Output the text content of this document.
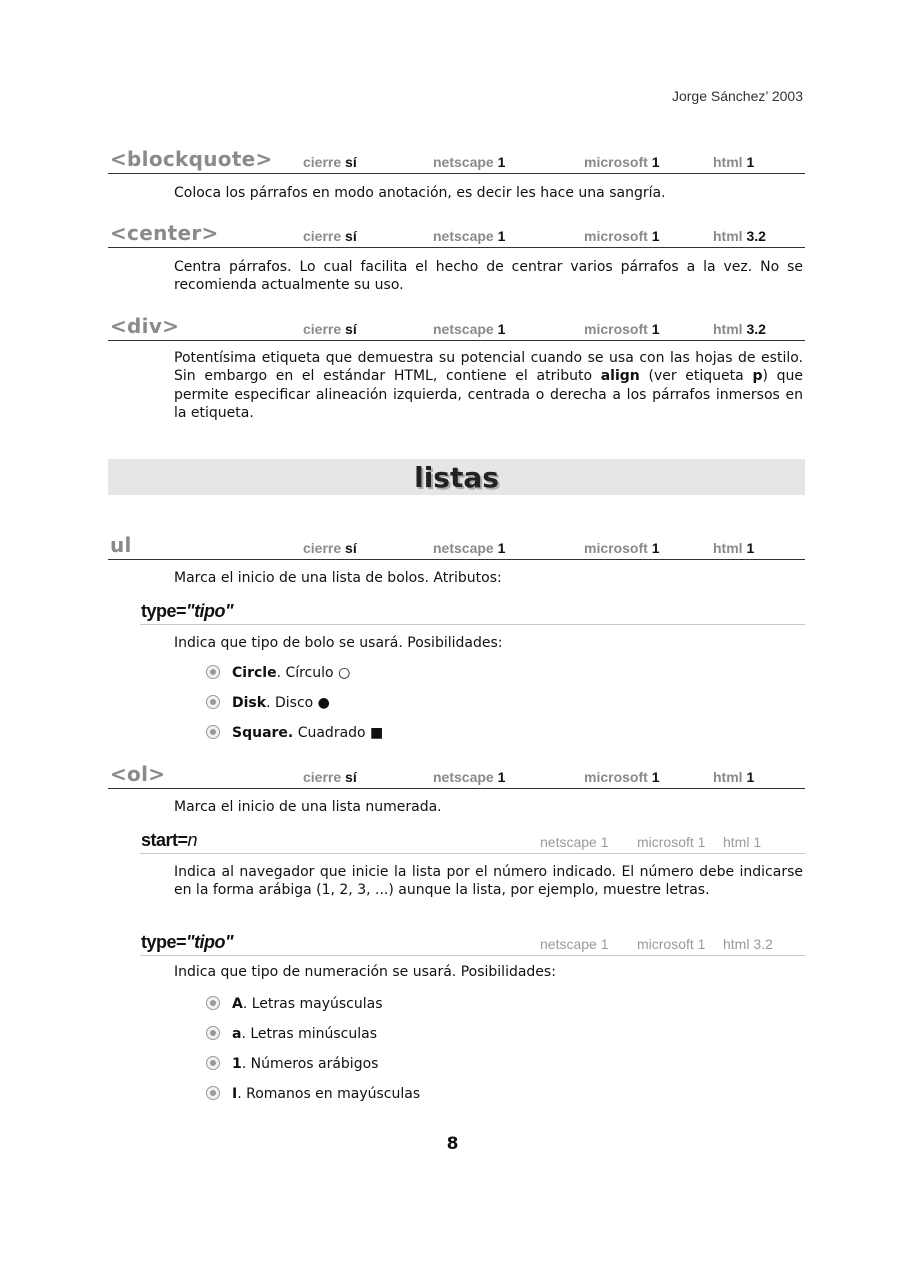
Jorge Sánchez’ 2003
<blockquote> cierre sí	netscape 1	microsoft 1	html 1
Coloca los párrafos en modo anotación, es decir les hace una sangría.
<center>	cierre sí	netscape 1	microsoft 1	html 3.2
Centra párrafos. Lo cual facilita el hecho de centrar varios párrafos a la vez. No se recomienda actualmente su uso.
<div>	cierre sí	netscape 1	microsoft 1	html 3.2
Potentísima etiqueta que demuestra su potencial cuando se usa con las hojas de estilo. Sin embargo en el estándar HTML, contiene el atributo align (ver etiqueta p) que permite especificar alineación izquierda, centrada o derecha a los párrafos inmersos en la etiqueta.
listas
ul	cierre sí	netscape 1	microsoft 1	html 1
Marca el inicio de una lista de bolos. Atributos:
type="tipo"
Indica que tipo de bolo se usará. Posibilidades:
Circle. Círculo ○
Disk. Disco ●
Square. Cuadrado ■
<ol>	cierre sí	netscape 1	microsoft 1	html 1
Marca el inicio de una lista numerada.
start=n	netscape 1 microsoft 1 html 1
Indica al navegador que inicie la lista por el número indicado. El número debe indicarse en la forma arábiga (1, 2, 3, ...) aunque la lista, por ejemplo, muestre letras.
type="tipo"	netscape 1 microsoft 1 html 3.2
Indica que tipo de numeración se usará. Posibilidades:
A. Letras mayúsculas
a. Letras minúsculas
1. Números arábigos
I. Romanos en mayúsculas
8
